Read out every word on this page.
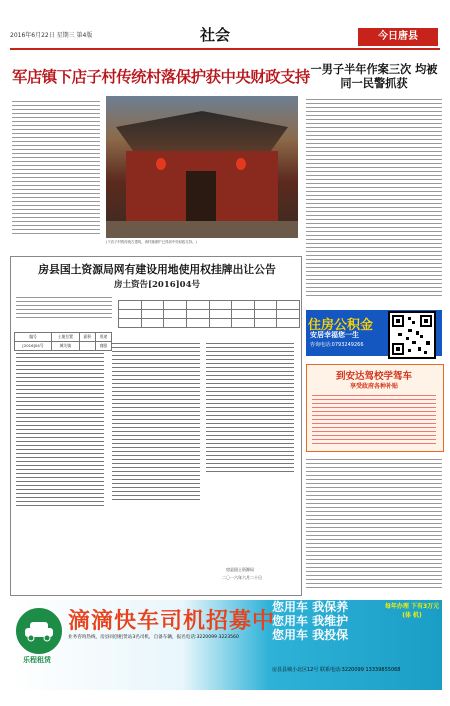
2016年6月22日 星期三 第4版	社会	今日唐县
军店镇下店子村传统村落保护获中央财政支持
(下店子村的传统古建筑，该村落保护已得到中央财政支持。)
房县国土资源局网有建设用地使用权挂牌出让公告
房土资告[2016]04号
编号	土地位置	面积	用途
[2016]04号	城关镇		商服

房县国土资源局
二〇一六年六月二十日
一男子半年作案三次 均被同一民警抓获
住房公积金
安居幸福您一生
咨询电话:0793249266
到安达驾校学驾车
享受政府各种补贴
乐程租赁
滴滴快车司机招募中
您用车 我保养
您用车 我维护
您用车 我投保
每年办理 下有3万元 (体 机)
业务咨询热线，房县同创租赁站3名司机，自备车辆，报名电话:3220099 3223560
房县县城小北区12号 联系电话:3220099 13339855068
